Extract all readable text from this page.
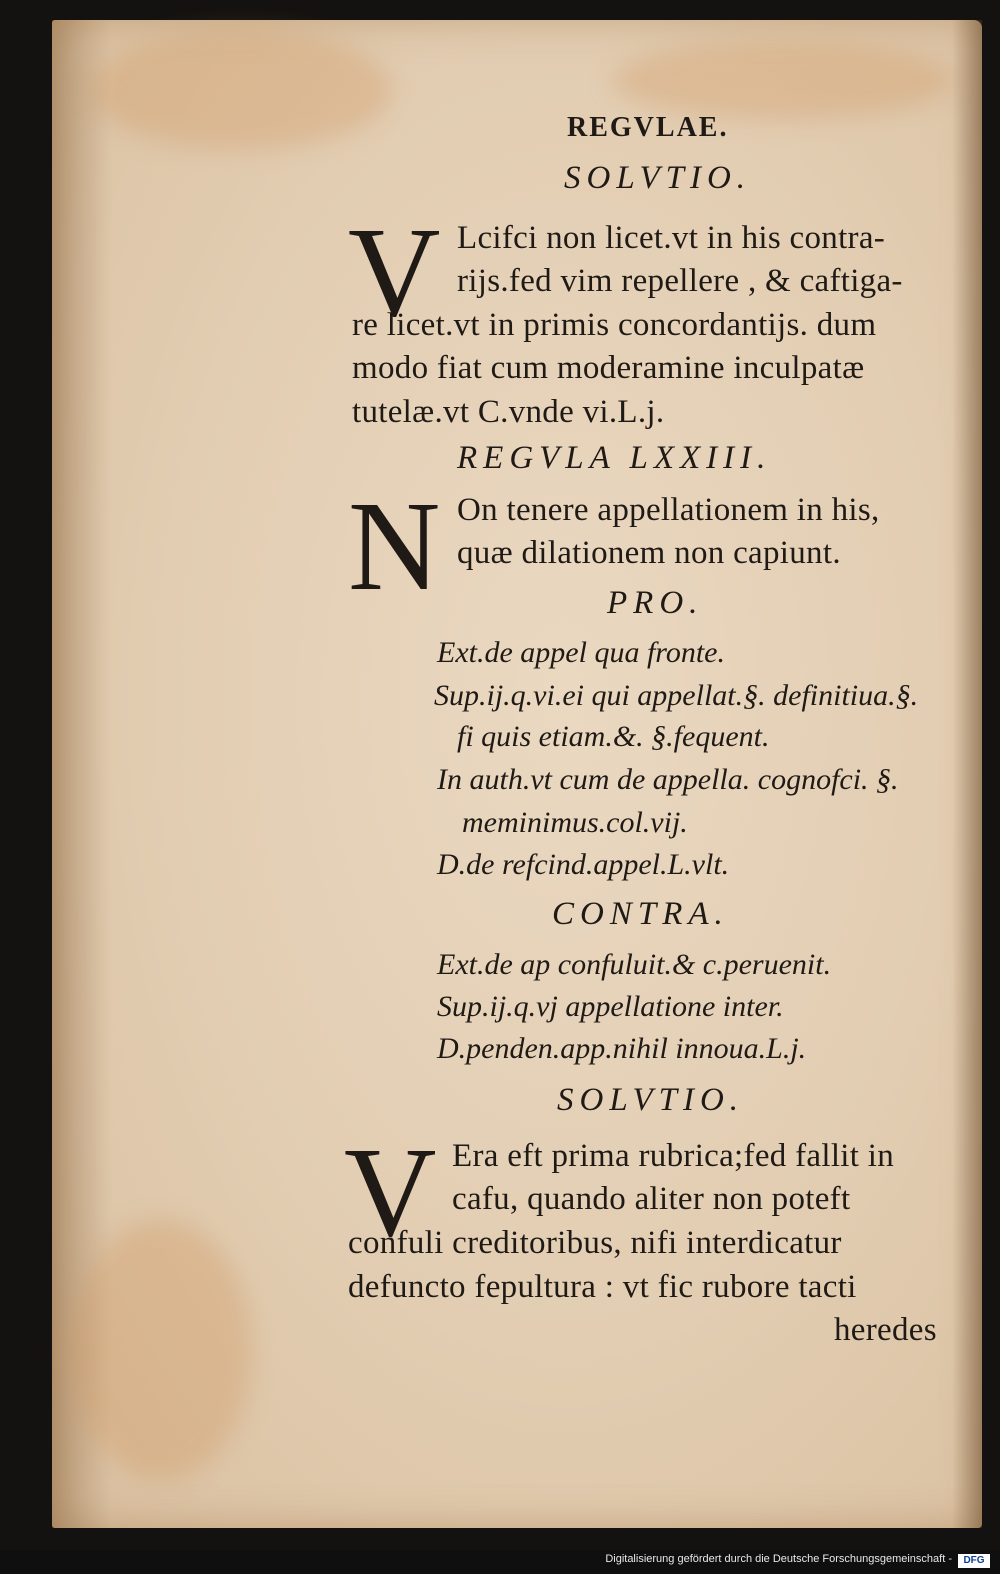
REGVLAE.
SOLVTIO.
V Lcifci non licet.vt in his contra-
rijs.fed vim repellere , & caftiga-
re licet.vt in primis concordantijs. dum
modo fiat cum moderamine inculpatæ
tutelæ.vt C.vnde vi.L.j.
REGVLA LXXIII.
N On tenere appellationem in his,
quæ dilationem non capiunt.
PRO.
Ext.de appel qua fronte.
Sup.ij.q.vi.ei qui appellat.§. definitiua.§.
fi quis etiam.&. §.fequent.
In auth.vt cum de appella. cognofci. §.
meminimus.col.vij.
D.de refcind.appel.L.vlt.
CONTRA.
Ext.de ap confuluit.& c.peruenit.
Sup.ij.q.vj appellatione inter.
D.penden.app.nihil innoua.L.j.
SOLVTIO.
V Era eft prima rubrica;fed fallit in
cafu, quando aliter non poteft
confuli creditoribus, nifi interdicatur
defuncto fepultura : vt fic rubore tacti
heredes
Digitalisierung gefördert durch die Deutsche Forschungsgemeinschaft -	DFG
